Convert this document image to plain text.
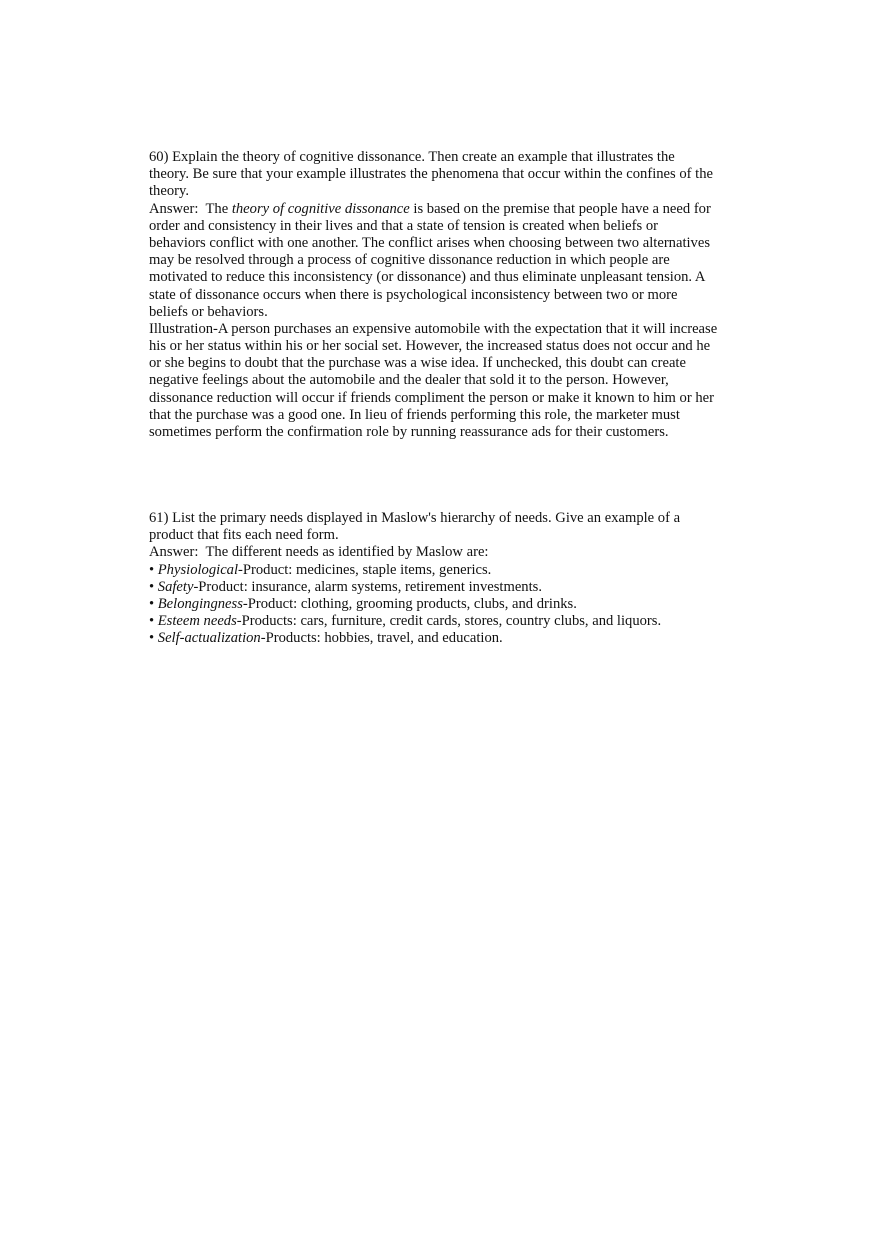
60) Explain the theory of cognitive dissonance. Then create an example that illustrates the
theory. Be sure that your example illustrates the phenomena that occur within the confines of the
theory.
Answer:  The theory of cognitive dissonance is based on the premise that people have a need for
order and consistency in their lives and that a state of tension is created when beliefs or
behaviors conflict with one another. The conflict arises when choosing between two alternatives
may be resolved through a process of cognitive dissonance reduction in which people are
motivated to reduce this inconsistency (or dissonance) and thus eliminate unpleasant tension. A
state of dissonance occurs when there is psychological inconsistency between two or more
beliefs or behaviors.
Illustration-A person purchases an expensive automobile with the expectation that it will increase
his or her status within his or her social set. However, the increased status does not occur and he
or she begins to doubt that the purchase was a wise idea. If unchecked, this doubt can create
negative feelings about the automobile and the dealer that sold it to the person. However,
dissonance reduction will occur if friends compliment the person or make it known to him or her
that the purchase was a good one. In lieu of friends performing this role, the marketer must
sometimes perform the confirmation role by running reassurance ads for their customers.
61) List the primary needs displayed in Maslow's hierarchy of needs. Give an example of a
product that fits each need form.
Answer:  The different needs as identified by Maslow are:
• Physiological-Product: medicines, staple items, generics.
• Safety-Product: insurance, alarm systems, retirement investments.
• Belongingness-Product: clothing, grooming products, clubs, and drinks.
• Esteem needs-Products: cars, furniture, credit cards, stores, country clubs, and liquors.
• Self-actualization-Products: hobbies, travel, and education.
